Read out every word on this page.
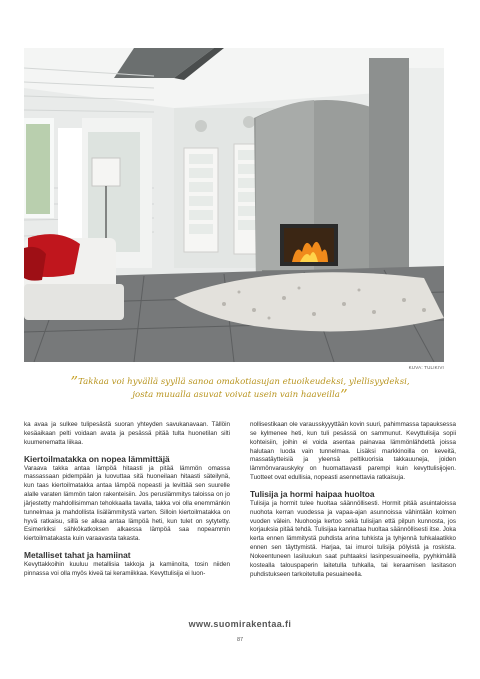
KUVA: TULIKIVI
”Takkaa voi hyvällä syyllä sanoa omakotiasujan etuoikeudeksi, ylellisyydeksi, josta muualla asuvat voivat usein vain haaveilla”

ka avaa ja sulkee tulipesästä suoran yhteyden savukanavaan. Tällöin kesäaikaan pelti voidaan avata ja pesässä pitää tulta huonetilan silti kuumenematta liikaa.

Kiertoilmatakka on nopea lämmittäjä

Varaava takka antaa lämpöä hitaasti ja pitää lämmön omassa massassaan pidempään ja luovuttaa sitä huoneilaan hitaasti säteilynä, kun taas kiertoilmatakka antaa lämpöä nopeasti ja levittää sen suurelle alalle varaten lämmön talon rakenteisiin. Jos peruslämmitys taloissa on jo järjestetty mahdollisimman tehokkaalla tavalla, takka voi olla enemmänkin tunnelmaa ja mahdollista lisälämmitystä varten. Silloin kiertoilmatakka on hyvä ratkaisu, sillä se alkaa antaa lämpöä heti, kun tulet on sytytetty. Esimerkiksi sähkökatkoksen alkaessa lämpöä saa nopeammin kiertoilmatakasta kuin varaavasta takasta.

Metalliset tahat ja hamiinat

Kevyttakkoihin kuuluu metallisia takkoja ja kamiinoita, tosin niiden pinnassa voi olla myös kiveä tai keramiikkaa. Kevyttulisija ei luon-

nollisestikaan ole varausskyyyttään kovin suuri, pahimmassa tapauksessa se kylmenee heti, kun tuli pesässä on sammunut. Kevyttulisija sopii kohteisiin, joihin ei voida asentaa painavaa lämmönlähdettä joissa halutaan luoda vain tunnelmaa. Lisäksi markkinoilla on keveitä, massatäytteisiä ja yleensä peltikuorisia takkauuneja, joiden lämmönvarauskyky on huomattavasti parempi kuin kevyttulisijojen. Tuotteet ovat edullisia, nopeasti asennettavia ratkaisuja.

Tulisija ja hormi haipaa huoltoa

Tulisija ja hormit tulee huoltaa säännöllisesti. Hormit pitää asuintaloissa nuohota kerran vuodessa ja vapaa-ajan asunnoissa vähintään kolmen vuoden välein. Nuohooja kertoo sekä tulisijan että pilpun kunnosta, jos korjauksia pitää tehdä. Tulisijaa kannattaa huoltaa säännöllisesti itse. Joka kerta ennen lämmitystä puhdista arina tuhkista ja tyhjennä tuhkalaatikko ennen sen täyttymistä. Harjaa, tai imuroi tulisija pölyistä ja roskista. Nokeentuneen lasiluukun saat puhtaaksi lasinpesuaineella, pyyhkimällä kostealla talouspaperin laitetulla tuhkalla, tai keraamisen lasitason puhdistukseen tarkoitetulla pesuaineella.

www.suomirakentaa.fi
87
